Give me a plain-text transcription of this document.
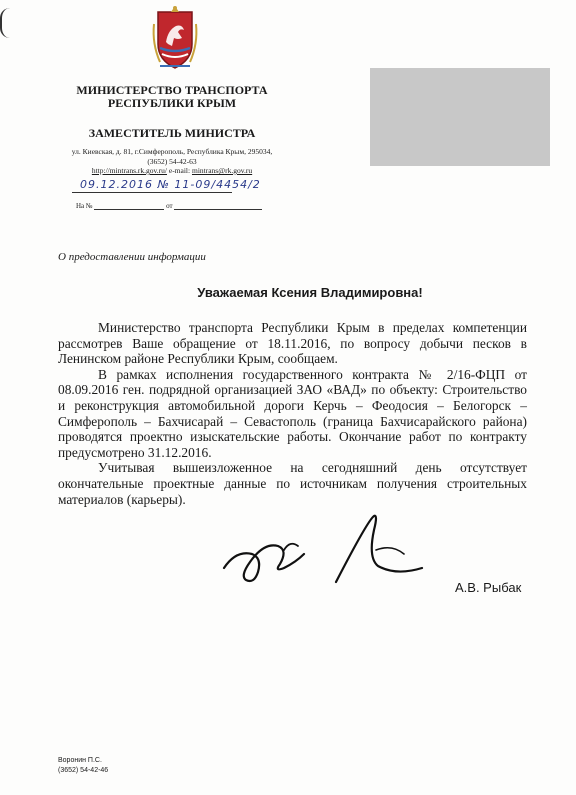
МИНИСТЕРСТВО ТРАНСПОРТА
РЕСПУБЛИКИ КРЫМ
ЗАМЕСТИТЕЛЬ МИНИСТРА
ул. Киевская, д. 81, г.Симферополь, Республика Крым, 295034,
(3652) 54-42-63
http://mintrans.rk.gov.ru/ e-mail: mintrans@rk.gov.ru
09.12.2016 № 11-09/4454/2
На №	от
О предоставлении информации
Уважаемая Ксения Владимировна!

Министерство транспорта Республики Крым в пределах компетенции рассмотрев Ваше обращение от 18.11.2016, по вопросу добычи песков в Ленинском районе Республики Крым, сообщаем.

В рамках исполнения государственного контракта № 2/16-ФЦП от 08.09.2016 ген. подрядной организацией ЗАО «ВАД» по объекту: Строительство и реконструкция автомобильной дороги Керчь – Феодосия – Белогорск – Симферополь – Бахчисарай – Севастополь (граница Бахчисарайского района) проводятся проектно изыскательские работы. Окончание работ по контракту предусмотрено 31.12.2016.

Учитывая вышеизложенное на сегодняшний день отсутствует окончательные проектные данные по источникам получения строительных материалов (карьеры).

А.В. Рыбак
Воронин П.С.
(3652) 54-42-46
